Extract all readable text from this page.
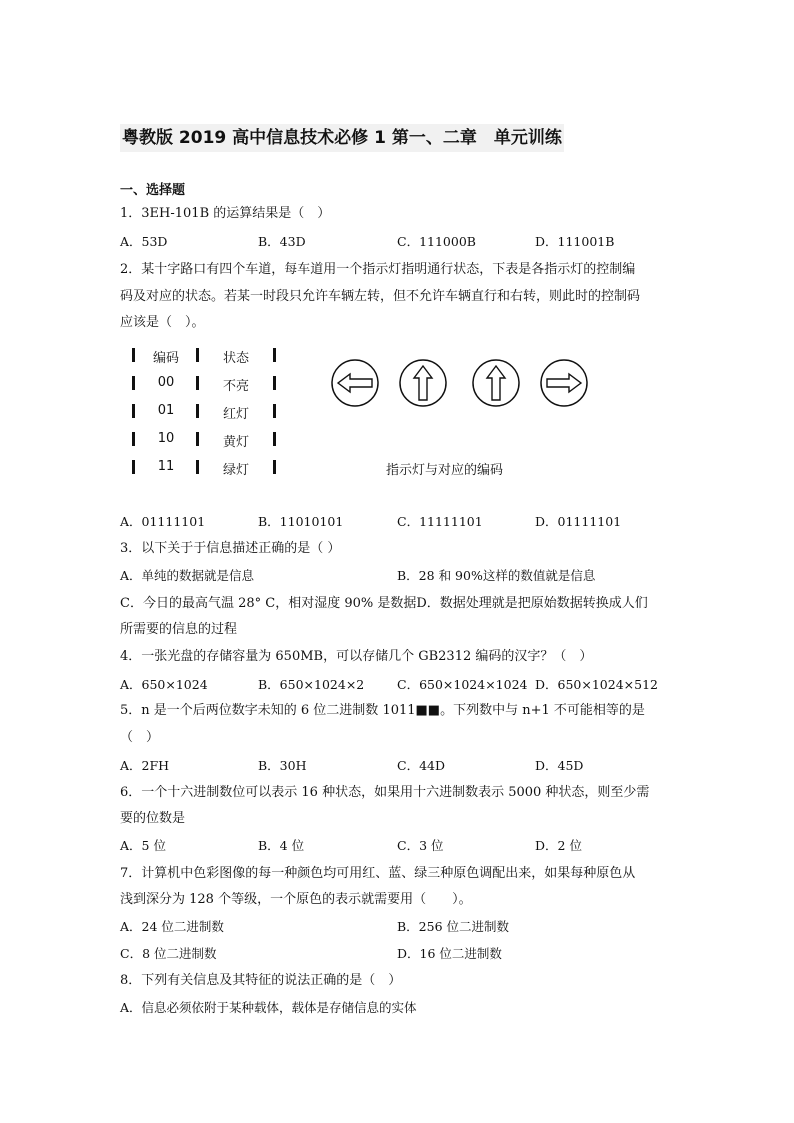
粤教版 2019 高中信息技术必修 1 第一、二章　单元训练
一、选择题
1．3EH-101B 的运算结果是（　）
A．53D	B．43D	C．111000B	D．111001B
2．某十字路口有四个车道，每车道用一个指示灯指明通行状态，下表是各指示灯的控制编
码及对应的状态。若某一时段只允许车辆左转，但不允许车辆直行和右转，则此时的控制码
应该是（　）。
编码	状态
00	不亮
01	红灯
10	黄灯
11	绿灯	指示灯与对应的编码
A．01111101	B．11010101	C．11111101	D．01111101
3．以下关于于信息描述正确的是（ ）
A．单纯的数据就是信息	B．28 和 90%这样的数值就是信息
C．今日的最高气温 28° C，相对湿度 90% 是数据D．数据处理就是把原始数据转换成人们
所需要的信息的过程
4．一张光盘的存储容量为 650MB，可以存储几个 GB2312 编码的汉字？（　）
A．650×1024	B．650×1024×2	C．650×1024×1024 D．650×1024×512
5．n 是一个后两位数字未知的 6 位二进制数 1011■■。下列数中与 n+1 不可能相等的是
（　）
A．2FH	B．30H	C．44D	D．45D
6．一个十六进制数位可以表示 16 种状态，如果用十六进制数表示 5000 种状态，则至少需
要的位数是
A．5 位	B．4 位	C．3 位	D．2 位
7．计算机中色彩图像的每一种颜色均可用红、蓝、绿三种原色调配出来，如果每种原色从
浅到深分为 128 个等级，一个原色的表示就需要用（　　）。
A．24 位二进制数	B．256 位二进制数
C．8 位二进制数	D．16 位二进制数
8．下列有关信息及其特征的说法正确的是（　）
A．信息必须依附于某种载体，载体是存储信息的实体
